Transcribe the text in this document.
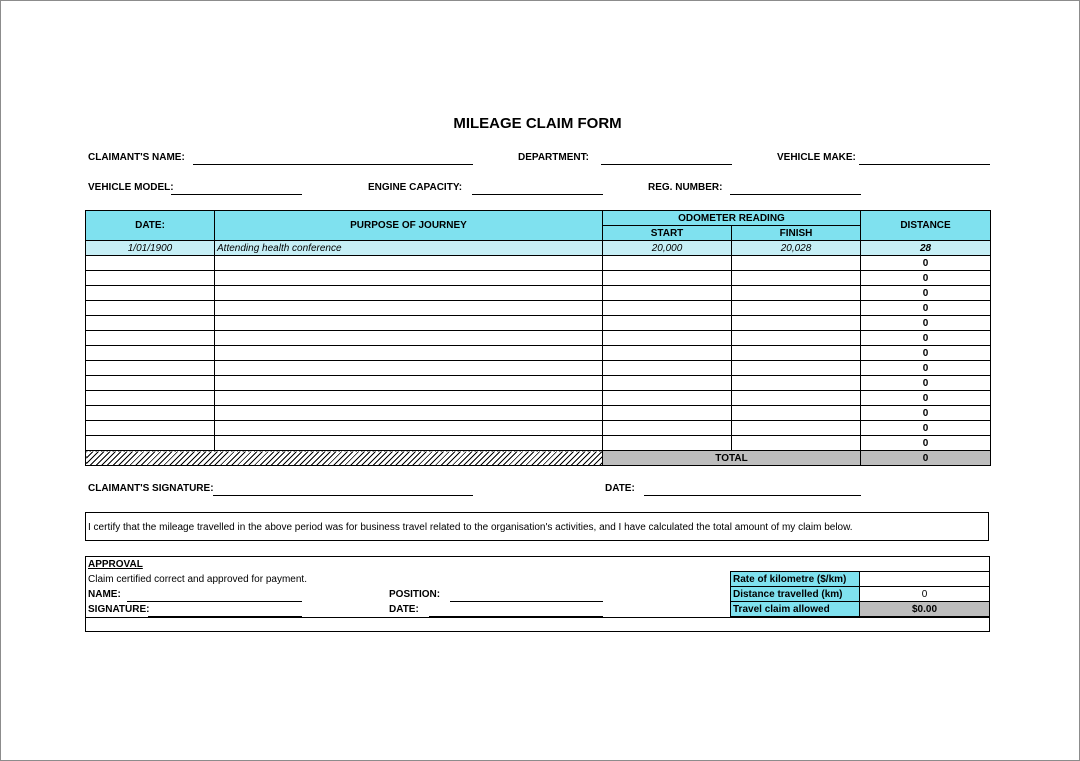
MILEAGE CLAIM FORM
CLAIMANT'S NAME:	DEPARTMENT:	VEHICLE MAKE:
VEHICLE MODEL:	ENGINE CAPACITY:	REG. NUMBER:
DATE:	PURPOSE OF JOURNEY	ODOMETER READING		DISTANCE
		START	FINISH	
1/01/1900	Attending health conference	20,000	20,028	28
				0
				0
				0
				0
				0
				0
				0
				0
				0
				0
				0
				0
				0
		TOTAL		0
CLAIMANT'S SIGNATURE:	DATE:
I certify that the mileage travelled in the above period was for business travel related to the organisation's activities, and I have calculated the total amount of my claim below.
APPROVAL
Claim certified correct and approved for payment.
NAME:
SIGNATURE:
POSITION:
DATE:
Rate of kilometre ($/km)	
Distance travelled (km)	0
Travel claim allowed	$0.00
